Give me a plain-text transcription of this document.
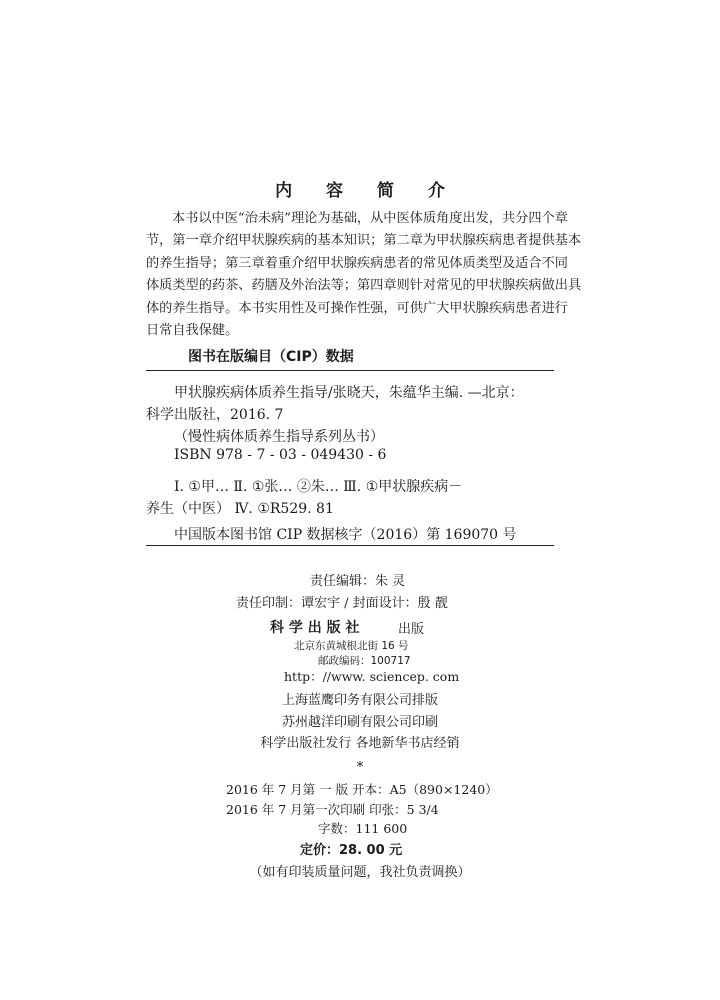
内 容 简 介
本书以中医“治未病”理论为基础，从中医体质角度出发，共分四个章
节，第一章介绍甲状腺疾病的基本知识；第二章为甲状腺疾病患者提供基本
的养生指导；第三章着重介绍甲状腺疾病患者的常见体质类型及适合不同
体质类型的药茶、药膳及外治法等；第四章则针对常见的甲状腺疾病做出具
体的养生指导。本书实用性及可操作性强，可供广大甲状腺疾病患者进行
日常自我保健。
图书在版编目（CIP）数据
甲状腺疾病体质养生指导/张晓天，朱蕴华主编. —北京：
科学出版社，2016. 7
（慢性病体质养生指导系列丛书）
ISBN 978 - 7 - 03 - 049430 - 6
Ⅰ. ①甲… Ⅱ. ①张… ②朱… Ⅲ. ①甲状腺疾病－
养生（中医） Ⅳ. ①R529. 81
中国版本图书馆 CIP 数据核字（2016）第 169070 号
责任编辑：朱 灵
责任印制：谭宏宇 / 封面设计：殷 靓
科 学 出 版 社	出版
北京东黄城根北街 16 号
邮政编码：100717
http：//www. sciencep. com
上海蓝鹰印务有限公司排版
苏州越洋印刷有限公司印刷
科学出版社发行 各地新华书店经销
*
2016 年 7 月第 一 版 开本：A5（890×1240）
2016 年 7 月第一次印刷 印张：5 3/4
字数：111 600
定价：28. 00 元
（如有印装质量问题，我社负责调换）
